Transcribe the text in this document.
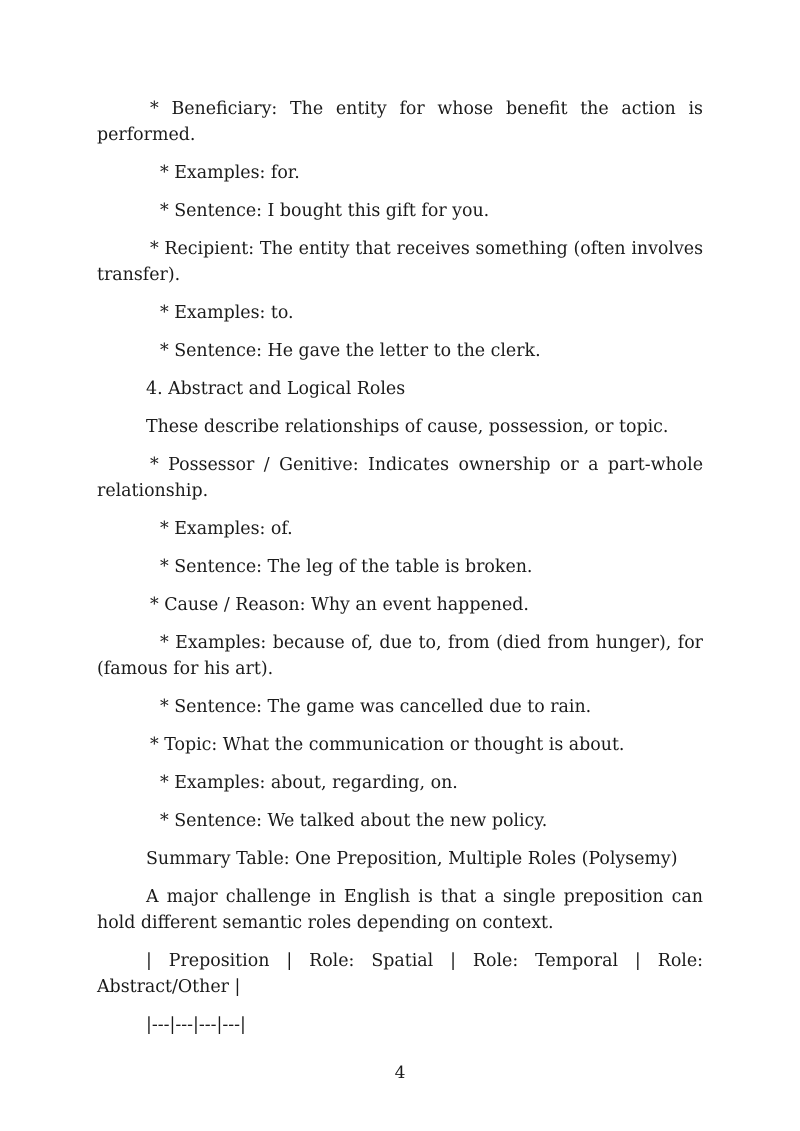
* Beneficiary: The entity for whose benefit the action is performed.

* Examples: for.

* Sentence: I bought this gift for you.

* Recipient: The entity that receives something (often involves transfer).

* Examples: to.

* Sentence: He gave the letter to the clerk.

4. Abstract and Logical Roles

These describe relationships of cause, possession, or topic.

* Possessor / Genitive: Indicates ownership or a part-whole relationship.

* Examples: of.

* Sentence: The leg of the table is broken.

* Cause / Reason: Why an event happened.

* Examples: because of, due to, from (died from hunger), for (famous for his art).

* Sentence: The game was cancelled due to rain.

* Topic: What the communication or thought is about.

* Examples: about, regarding, on.

* Sentence: We talked about the new policy.

Summary Table: One Preposition, Multiple Roles (Polysemy)

A major challenge in English is that a single preposition can hold different semantic roles depending on context.

| Preposition | Role: Spatial | Role: Temporal | Role: Abstract/Other |

|---|---|---|---|

4
